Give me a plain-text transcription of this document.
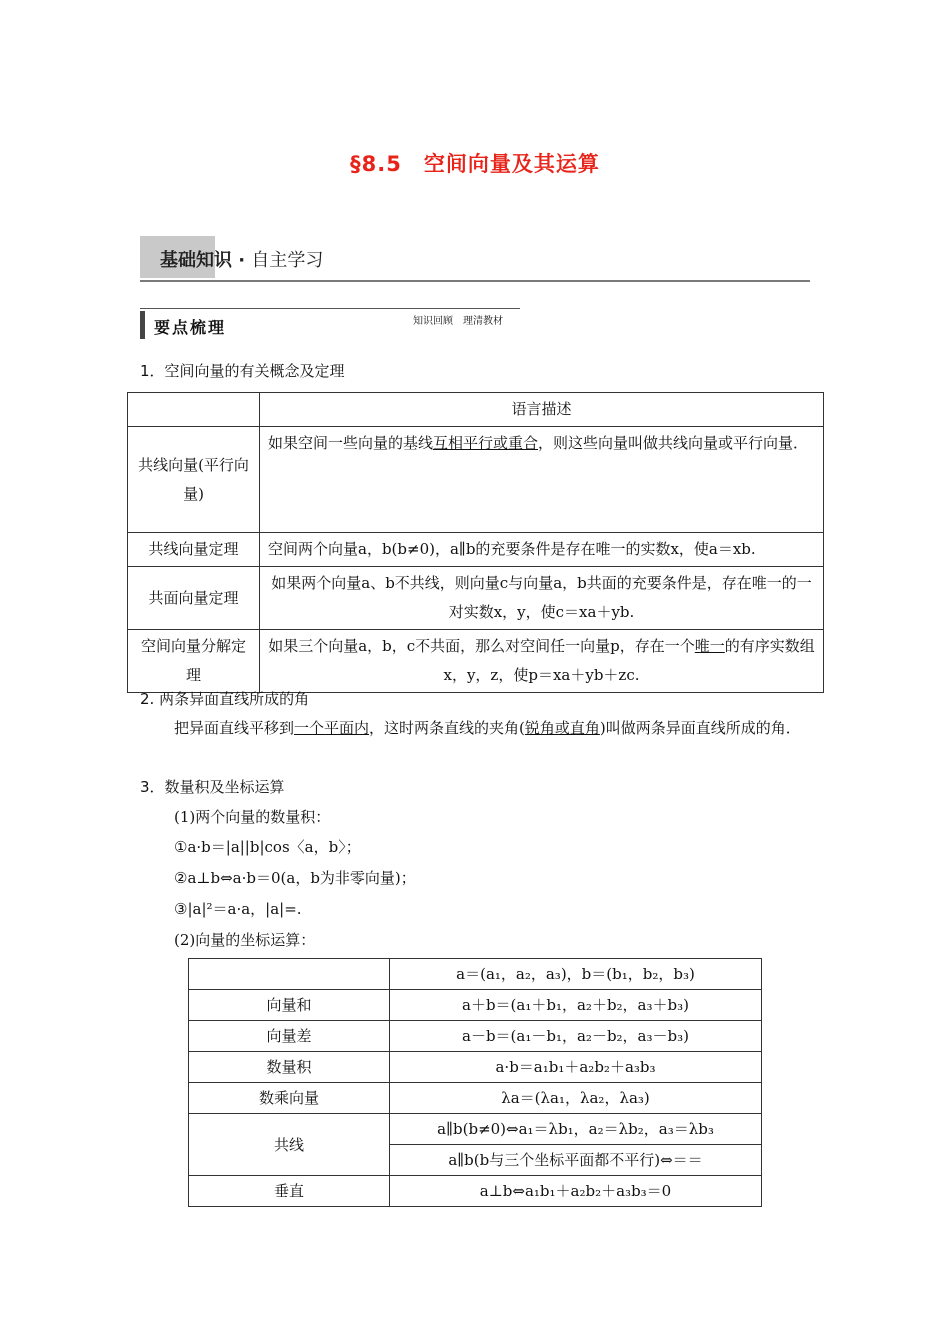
§8.5　空间向量及其运算
基础知识 · 自主学习
要点梳理	知识回顾　理清教材
1．空间向量的有关概念及定理
	语言描述
共线向量(平行向量)	如果空间一些向量的基线互相平行或重合，则这些向量叫做共线向量或平行向量．
共线向量定理	空间两个向量a，b(b≠0)，a∥b的充要条件是存在唯一的实数x，使a＝xb.
共面向量定理	如果两个向量a、b不共线，则向量c与向量a，b共面的充要条件是，存在唯一的一对实数x，y，使c＝xa＋yb.
空间向量分解定理	如果三个向量a，b，c不共面，那么对空间任一向量p，存在一个唯一的有序实数组x，y，z，使p＝xa＋yb＋zc.
2. 两条异面直线所成的角
把异面直线平移到一个平面内，这时两条直线的夹角(锐角或直角)叫做两条异面直线所成的角．
3．数量积及坐标运算
(1)两个向量的数量积：
①a·b＝|a||b|cos〈a，b〉；
②a⊥b⇔a·b＝0(a，b为非零向量)；
③|a|²＝a·a，|a|=.
(2)向量的坐标运算：
	a＝(a₁，a₂，a₃)，b＝(b₁，b₂，b₃)
向量和	a＋b＝(a₁＋b₁，a₂＋b₂，a₃＋b₃)
向量差	a－b＝(a₁－b₁，a₂－b₂，a₃－b₃)
数量积	a·b＝a₁b₁＋a₂b₂＋a₃b₃
数乘向量	λa＝(λa₁，λa₂，λa₃)
共线	a∥b(b≠0)⇔a₁＝λb₁，a₂＝λb₂，a₃＝λb₃
	a∥b(b与三个坐标平面都不平行)⇔＝＝
垂直	a⊥b⇔a₁b₁＋a₂b₂＋a₃b₃＝0
